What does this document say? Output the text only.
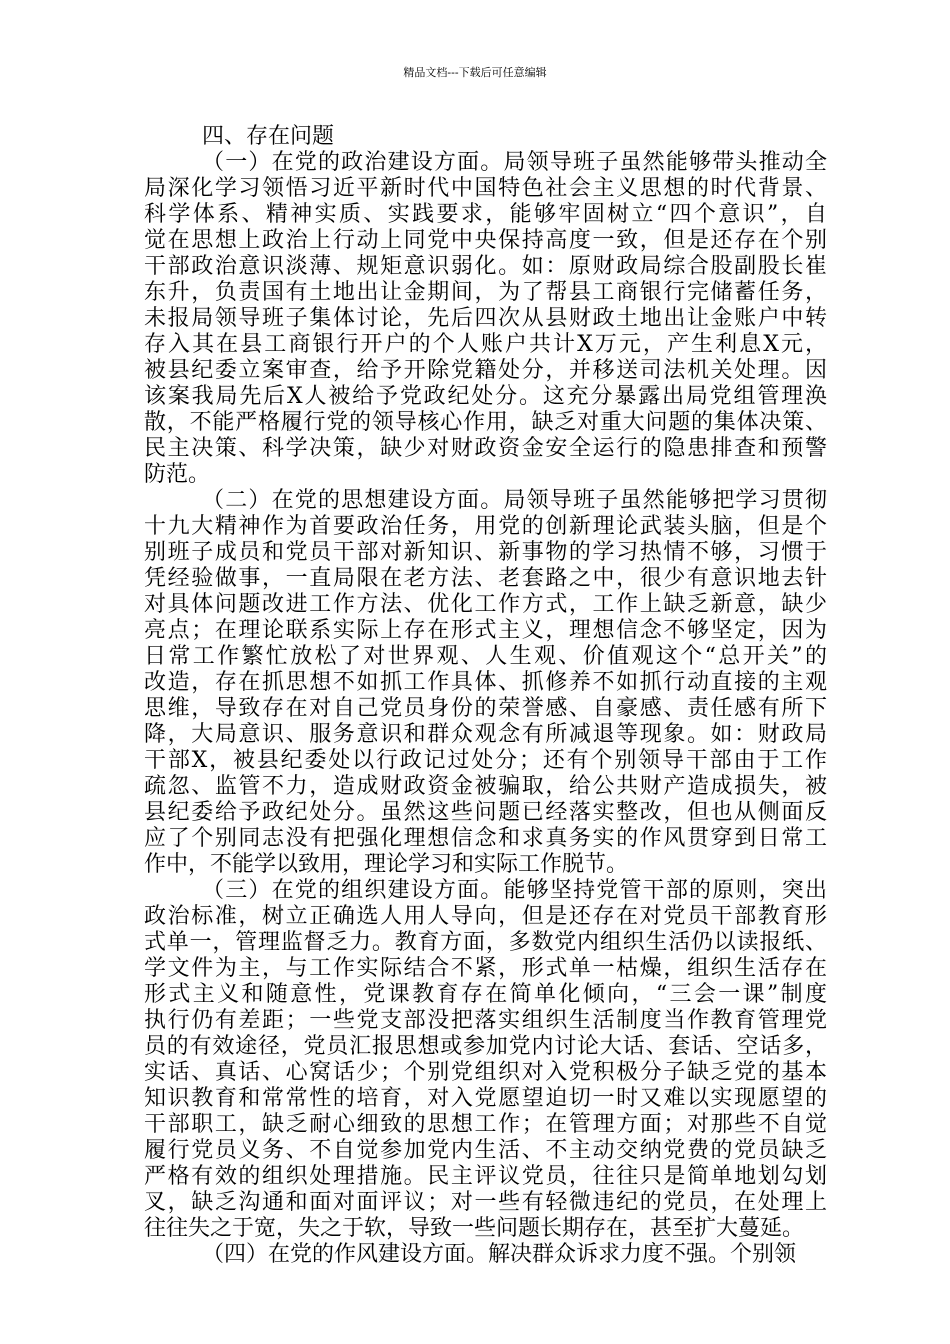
精品文档---下载后可任意编辑
四、存在问题
（一）在党的政治建设方面。局领导班子虽然能够带头推动全
局深化学习领悟习近平新时代中国特色社会主义思想的时代背景、
科学体系、精神实质、实践要求，能够牢固树立“四个意识”，自
觉在思想上政治上行动上同党中央保持高度一致，但是还存在个别
干部政治意识淡薄、规矩意识弱化。如：原财政局综合股副股长崔
东升，负责国有土地出让金期间，为了帮县工商银行完储蓄任务，
未报局领导班子集体讨论，先后四次从县财政土地出让金账户中转
存入其在县工商银行开户的个人账户共计X万元，产生利息X元，
被县纪委立案审查，给予开除党籍处分，并移送司法机关处理。因
该案我局先后X人被给予党政纪处分。这充分暴露出局党组管理涣
散，不能严格履行党的领导核心作用，缺乏对重大问题的集体决策、
民主决策、科学决策，缺少对财政资金安全运行的隐患排查和预警
防范。
（二）在党的思想建设方面。局领导班子虽然能够把学习贯彻
十九大精神作为首要政治任务，用党的创新理论武装头脑，但是个
别班子成员和党员干部对新知识、新事物的学习热情不够，习惯于
凭经验做事，一直局限在老方法、老套路之中，很少有意识地去针
对具体问题改进工作方法、优化工作方式，工作上缺乏新意，缺少
亮点；在理论联系实际上存在形式主义，理想信念不够坚定，因为
日常工作繁忙放松了对世界观、人生观、价值观这个“总开关”的
改造，存在抓思想不如抓工作具体、抓修养不如抓行动直接的主观
思维，导致存在对自己党员身份的荣誉感、自豪感、责任感有所下
降，大局意识、服务意识和群众观念有所减退等现象。如：财政局
干部X，被县纪委处以行政记过处分；还有个别领导干部由于工作
疏忽、监管不力，造成财政资金被骗取，给公共财产造成损失，被
县纪委给予政纪处分。虽然这些问题已经落实整改，但也从侧面反
应了个别同志没有把强化理想信念和求真务实的作风贯穿到日常工
作中，不能学以致用，理论学习和实际工作脱节。
（三）在党的组织建设方面。能够坚持党管干部的原则，突出
政治标准，树立正确选人用人导向，但是还存在对党员干部教育形
式单一，管理监督乏力。教育方面，多数党内组织生活仍以读报纸、
学文件为主，与工作实际结合不紧，形式单一枯燥，组织生活存在
形式主义和随意性，党课教育存在简单化倾向，“三会一课”制度
执行仍有差距；一些党支部没把落实组织生活制度当作教育管理党
员的有效途径，党员汇报思想或参加党内讨论大话、套话、空话多，
实话、真话、心窝话少；个别党组织对入党积极分子缺乏党的基本
知识教育和常常性的培育，对入党愿望迫切一时又难以实现愿望的
干部职工，缺乏耐心细致的思想工作；在管理方面；对那些不自觉
履行党员义务、不自觉参加党内生活、不主动交纳党费的党员缺乏
严格有效的组织处理措施。民主评议党员，往往只是简单地划勾划
叉，缺乏沟通和面对面评议；对一些有轻微违纪的党员，在处理上
往往失之于宽，失之于软，导致一些问题长期存在，甚至扩大蔓延。
（四）在党的作风建设方面。解决群众诉求力度不强。个别领
